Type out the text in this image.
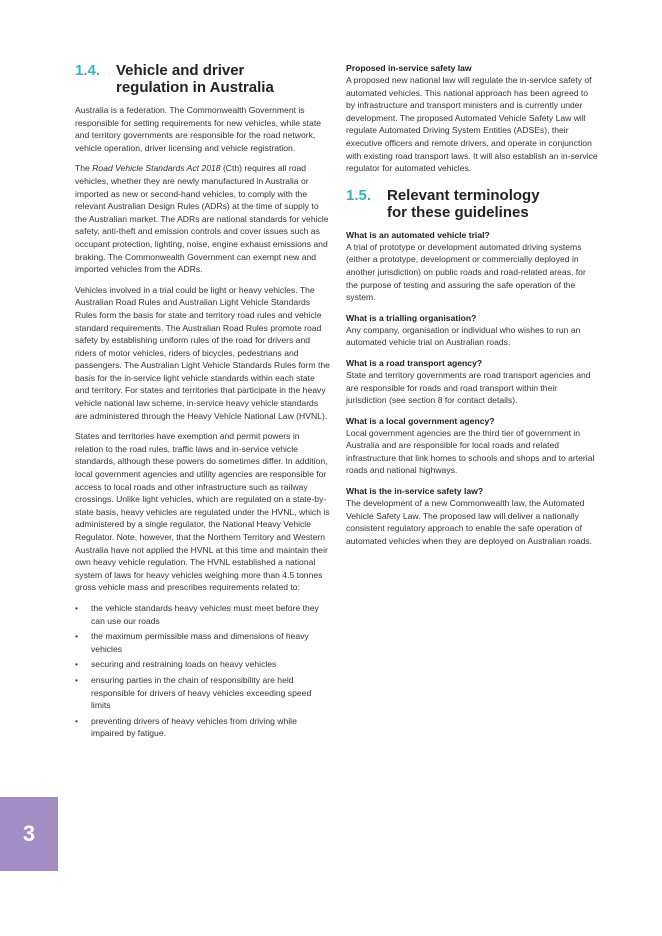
1.4.	Vehicle and driver
regulation in Australia

Australia is a federation. The Commonwealth Government is responsible for setting requirements for new vehicles, while state and territory governments are responsible for the road network, vehicle operation, driver licensing and vehicle registration.

The Road Vehicle Standards Act 2018 (Cth) requires all road vehicles, whether they are newly manufactured in Australia or imported as new or second-hand vehicles, to comply with the relevant Australian Design Rules (ADRs) at the time of supply to the Australian market. The ADRs are national standards for vehicle safety, anti-theft and emission controls and cover issues such as occupant protection, lighting, noise, engine exhaust emissions and braking. The Commonwealth Government can exempt new and imported vehicles from the ADRs.

Vehicles involved in a trial could be light or heavy vehicles. The Australian Road Rules and Australian Light Vehicle Standards Rules form the basis for state and territory road rules and vehicle standard requirements. The Australian Road Rules promote road safety by establishing uniform rules of the road for drivers and riders of motor vehicles, riders of bicycles, pedestrians and passengers. The Australian Light Vehicle Standards Rules form the basis for the in-service light vehicle standards within each state and territory. For states and territories that participate in the heavy vehicle national law scheme, in-service heavy vehicle standards are administered through the Heavy Vehicle National Law (HVNL).

States and territories have exemption and permit powers in relation to the road rules, traffic laws and in-service vehicle standards, although these powers do sometimes differ. In addition, local government agencies and utility agencies are responsible for access to local roads and other infrastructure such as railway crossings. Unlike light vehicles, which are regulated on a state-by-state basis, heavy vehicles are regulated under the HVNL, which is administered by a single regulator, the National Heavy Vehicle Regulator. Note, however, that the Northern Territory and Western Australia have not applied the HVNL at this time and maintain their own heavy vehicle regulation. The HVNL established a national system of laws for heavy vehicles weighing more than 4.5 tonnes gross vehicle mass and prescribes requirements related to:

• the vehicle standards heavy vehicles must meet before they can use our roads
• the maximum permissible mass and dimensions of heavy vehicles
• securing and restraining loads on heavy vehicles
• ensuring parties in the chain of responsibility are held responsible for drivers of heavy vehicles exceeding speed limits
• preventing drivers of heavy vehicles from driving while impaired by fatigue.
Proposed in-service safety law

A proposed new national law will regulate the in-service safety of automated vehicles. This national approach has been agreed to by infrastructure and transport ministers and is currently under development. The proposed Automated Vehicle Safety Law will regulate Automated Driving System Entities (ADSEs), their executive officers and remote drivers, and operate in conjunction with existing road transport laws. It will also establish an in-service regulator for automated vehicles.

1.5.	Relevant terminology
for these guidelines
What is an automated vehicle trial?

A trial of prototype or development automated driving systems (either a prototype, development or commercially deployed in another jurisdiction) on public roads and road-related areas, for the purpose of testing and assuring the safe operation of the system.

What is a trialling organisation?

Any company, organisation or individual who wishes to run an automated vehicle trial on Australian roads.

What is a road transport agency?

State and territory governments are road transport agencies and are responsible for roads and road transport within their jurisdiction (see section 8 for contact details).

What is a local government agency?

Local government agencies are the third tier of government in Australia and are responsible for local roads and related infrastructure that link homes to schools and shops and to arterial roads and national highways.

What is the in-service safety law?

The development of a new Commonwealth law, the Automated Vehicle Safety Law. The proposed law will deliver a nationally consistent regulatory approach to enable the safe operation of automated vehicles when they are deployed on Australian roads.

3
